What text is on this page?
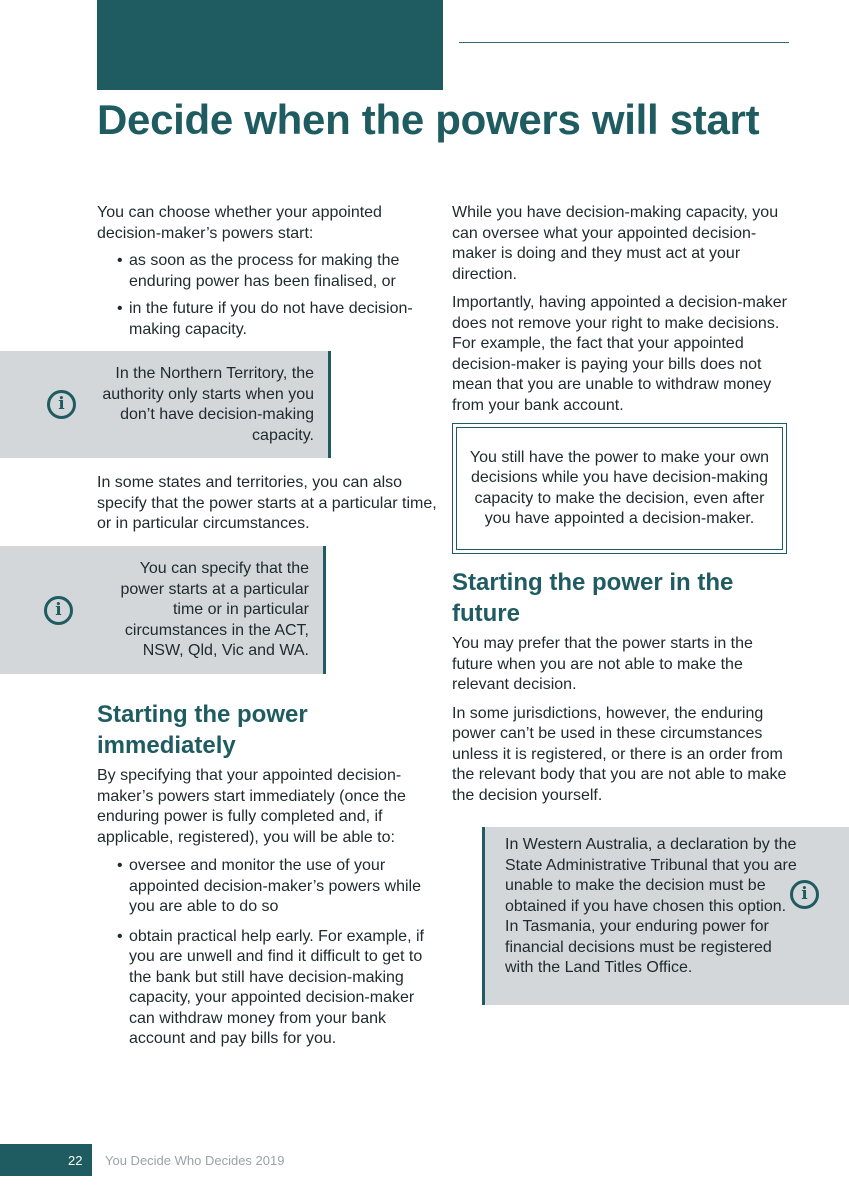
Decide when the powers will start

You can choose whether your appointed decision-maker’s powers start:

• as soon as the process for making the enduring power has been finalised, or
• in the future if you do not have decision-making capacity.
i
In the Northern Territory, the authority only starts when you don’t have decision-making capacity.

In some states and territories, you can also specify that the power starts at a particular time, or in particular circumstances.

i
You can specify that the power starts at a particular time or in particular circumstances in the ACT, NSW, Qld, Vic and WA.
Starting the power immediately

By specifying that your appointed decision-maker’s powers start immediately (once the enduring power is fully completed and, if applicable, registered), you will be able to:

• oversee and monitor the use of your appointed decision-maker’s powers while you are able to do so
• obtain practical help early. For example, if you are unwell and find it difficult to get to the bank but still have decision-making capacity, your appointed decision-maker can withdraw money from your bank account and pay bills for you.

While you have decision-making capacity, you can oversee what your appointed decision-maker is doing and they must act at your direction.

Importantly, having appointed a decision-maker does not remove your right to make decisions. For example, the fact that your appointed decision-maker is paying your bills does not mean that you are unable to withdraw money from your bank account.

You still have the power to make your own decisions while you have decision-making capacity to make the decision, even after you have appointed a decision-maker.
Starting the power in the future

You may prefer that the power starts in the future when you are not able to make the relevant decision.

In some jurisdictions, however, the enduring power can’t be used in these circumstances unless it is registered, or there is an order from the relevant body that you are not able to make the decision yourself.

In Western Australia, a declaration by the State Administrative Tribunal that you are unable to make the decision must be obtained if you have chosen this option. In Tasmania, your enduring power for financial decisions must be registered with the Land Titles Office.
i
22 You Decide Who Decides 2019
